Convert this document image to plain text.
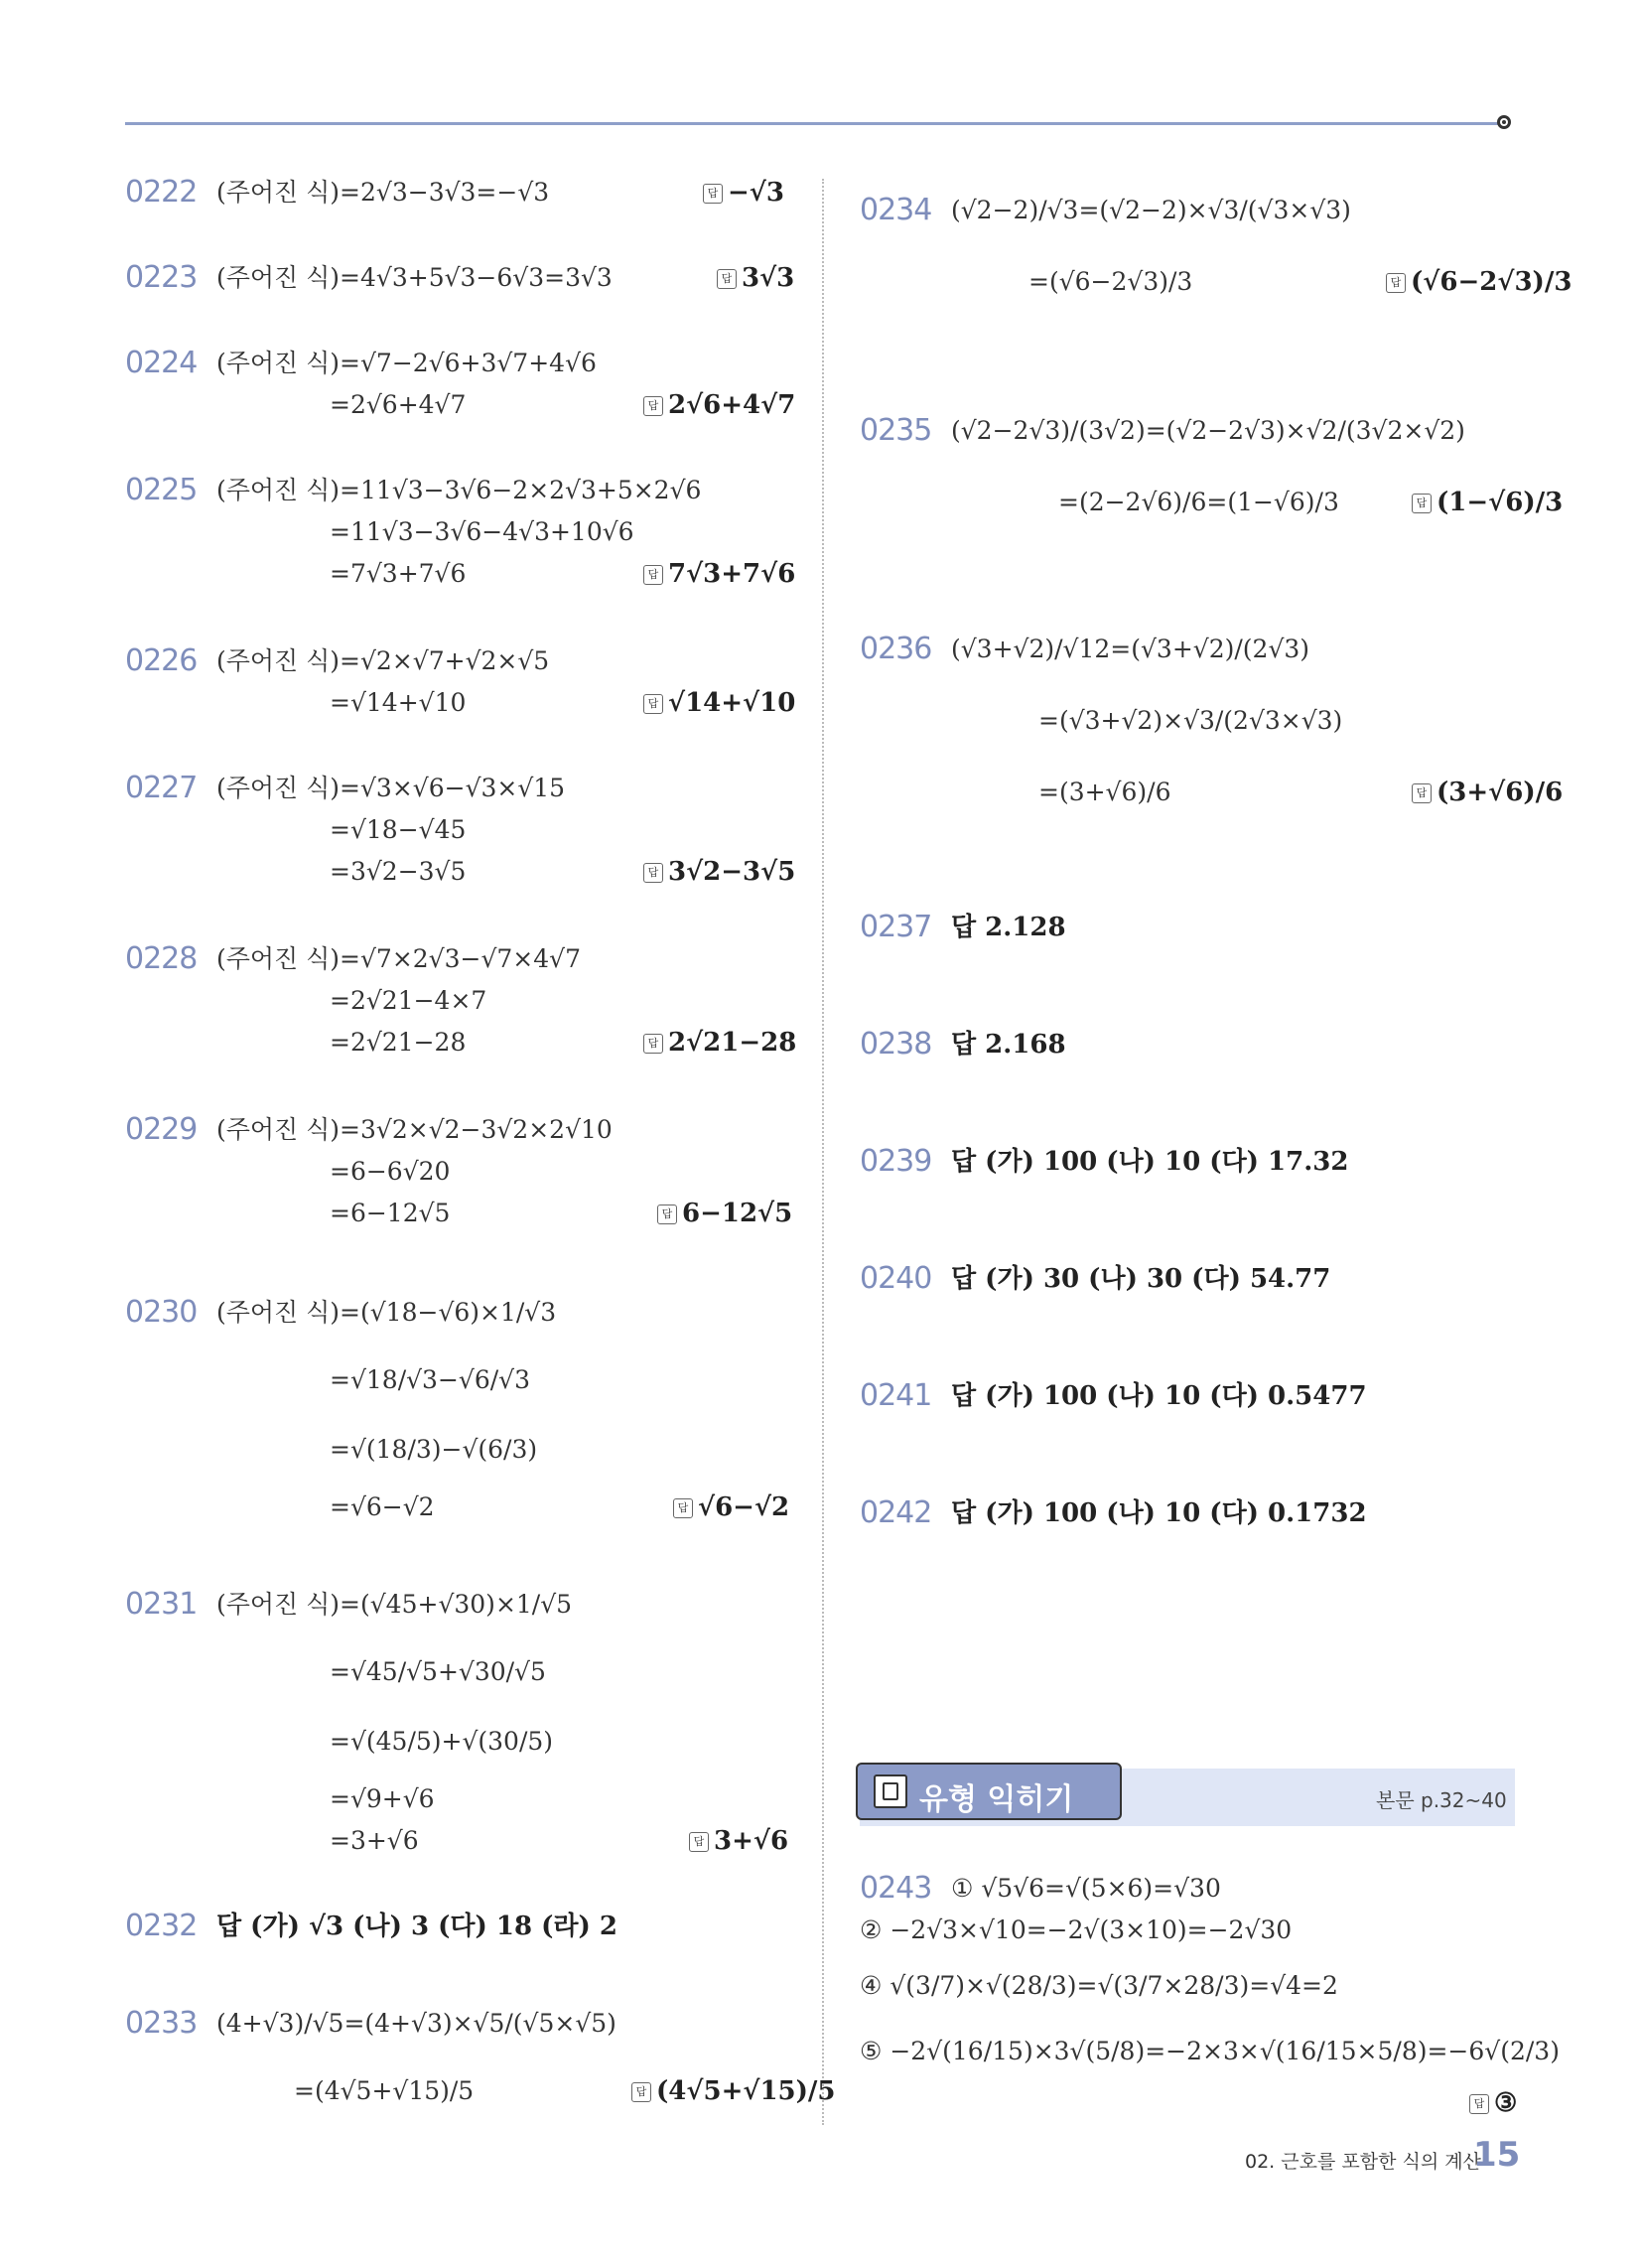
0222 (주어진 식)=2√3−3√3=−√3	답 −√3
0223 (주어진 식)=4√3+5√3−6√3=3√3	답 3√3
0224 (주어진 식)=√7−2√6+3√7+4√6
=2√6+4√7	답 2√6+4√7
0225 (주어진 식)=11√3−3√6−2×2√3+5×2√6
=11√3−3√6−4√3+10√6
=7√3+7√6	답 7√3+7√6
0226 (주어진 식)=√2×√7+√2×√5
=√14+√10	답 √14+√10
0227 (주어진 식)=√3×√6−√3×√15
=√18−√45
=3√2−3√5	답 3√2−3√5
0228 (주어진 식)=√7×2√3−√7×4√7
=2√21−4×7
=2√21−28	답 2√21−28
0229 (주어진 식)=3√2×√2−3√2×2√10
=6−6√20
=6−12√5	답 6−12√5
0230 (주어진 식)=(√18−√6)×1/√3
=√18/√3−√6/√3
=√(18/3)−√(6/3)
=√6−√2	답 √6−√2
0231 (주어진 식)=(√45+√30)×1/√5
=√45/√5+√30/√5
=√(45/5)+√(30/5)
=√9+√6
=3+√6	답 3+√6
0232 답 (가) √3 (나) 3 (다) 18 (라) 2
0233 (4+√3)/√5=(4+√3)×√5/(√5×√5)
=(4√5+√15)/5	답 (4√5+√15)/5
0234 (√2−2)/√3=(√2−2)×√3/(√3×√3)
=(√6−2√3)/3	답 (√6−2√3)/3
0235 (√2−2√3)/(3√2)=(√2−2√3)×√2/(3√2×√2)
=(2−2√6)/6=(1−√6)/3	답 (1−√6)/3
0236 (√3+√2)/√12=(√3+√2)/(2√3)
=(√3+√2)×√3/(2√3×√3)
=(3+√6)/6	답 (3+√6)/6
0237 답 2.128
0238 답 2.168
0239 답 (가) 100 (나) 10 (다) 17.32
0240 답 (가) 30 (나) 30 (다) 54.77
0241 답 (가) 100 (나) 10 (다) 0.5477
0242 답 (가) 100 (나) 10 (다) 0.1732
유형 익히기	본문 p.32~40
0243 ① √5√6=√(5×6)=√30
② −2√3×√10=−2√(3×10)=−2√30
④ √(3/7)×√(28/3)=√(3/7×28/3)=√4=2
⑤ −2√(16/15)×3√(5/8)=−2×3×√(16/15×5/8)=−6√(2/3)
답 ③
02. 근호를 포함한 식의 계산
15
